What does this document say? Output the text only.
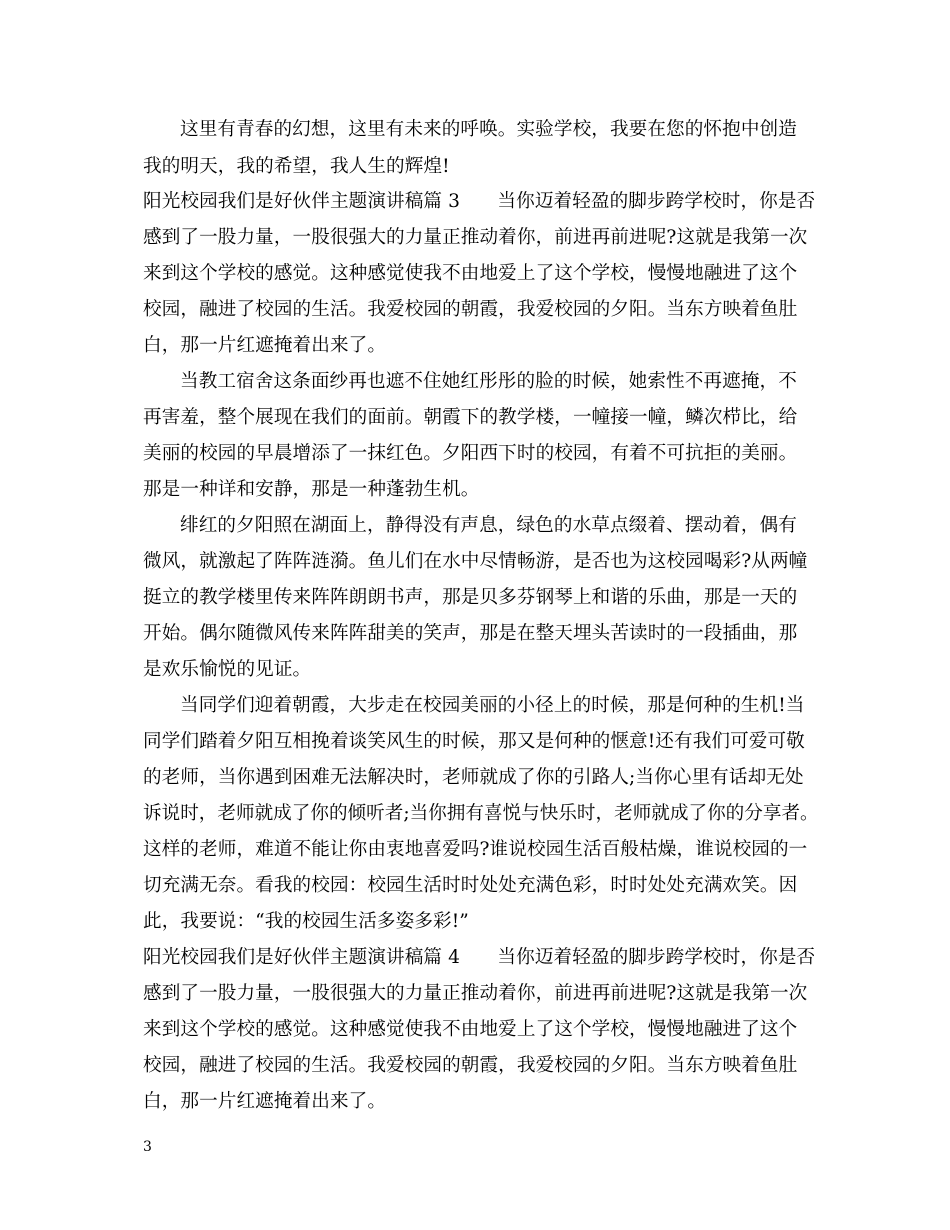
这里有青春的幻想，这里有未来的呼唤。实验学校，我要在您的怀抱中创造
我的明天，我的希望，我人生的辉煌!
阳光校园我们是好伙伴主题演讲稿篇 3　　当你迈着轻盈的脚步跨学校时，你是否
感到了一股力量，一股很强大的力量正推动着你，前进再前进呢?这就是我第一次
来到这个学校的感觉。这种感觉使我不由地爱上了这个学校，慢慢地融进了这个
校园，融进了校园的生活。我爱校园的朝霞，我爱校园的夕阳。当东方映着鱼肚
白，那一片红遮掩着出来了。
当教工宿舍这条面纱再也遮不住她红彤彤的脸的时候，她索性不再遮掩，不
再害羞，整个展现在我们的面前。朝霞下的教学楼，一幢接一幢，鳞次栉比，给
美丽的校园的早晨增添了一抹红色。夕阳西下时的校园，有着不可抗拒的美丽。
那是一种详和安静，那是一种蓬勃生机。
绯红的夕阳照在湖面上，静得没有声息，绿色的水草点缀着、摆动着，偶有
微风，就激起了阵阵涟漪。鱼儿们在水中尽情畅游，是否也为这校园喝彩?从两幢
挺立的教学楼里传来阵阵朗朗书声，那是贝多芬钢琴上和谐的乐曲，那是一天的
开始。偶尔随微风传来阵阵甜美的笑声，那是在整天埋头苦读时的一段插曲，那
是欢乐愉悦的见证。
当同学们迎着朝霞，大步走在校园美丽的小径上的时候，那是何种的生机!当
同学们踏着夕阳互相挽着谈笑风生的时候，那又是何种的惬意!还有我们可爱可敬
的老师，当你遇到困难无法解决时，老师就成了你的引路人;当你心里有话却无处
诉说时，老师就成了你的倾听者;当你拥有喜悦与快乐时，老师就成了你的分享者。
这样的老师，难道不能让你由衷地喜爱吗?谁说校园生活百般枯燥，谁说校园的一
切充满无奈。看我的校园：校园生活时时处处充满色彩，时时处处充满欢笑。因
此，我要说：“我的校园生活多姿多彩!”
阳光校园我们是好伙伴主题演讲稿篇 4　　当你迈着轻盈的脚步跨学校时，你是否
感到了一股力量，一股很强大的力量正推动着你，前进再前进呢?这就是我第一次
来到这个学校的感觉。这种感觉使我不由地爱上了这个学校，慢慢地融进了这个
校园，融进了校园的生活。我爱校园的朝霞，我爱校园的夕阳。当东方映着鱼肚
白，那一片红遮掩着出来了。
3
